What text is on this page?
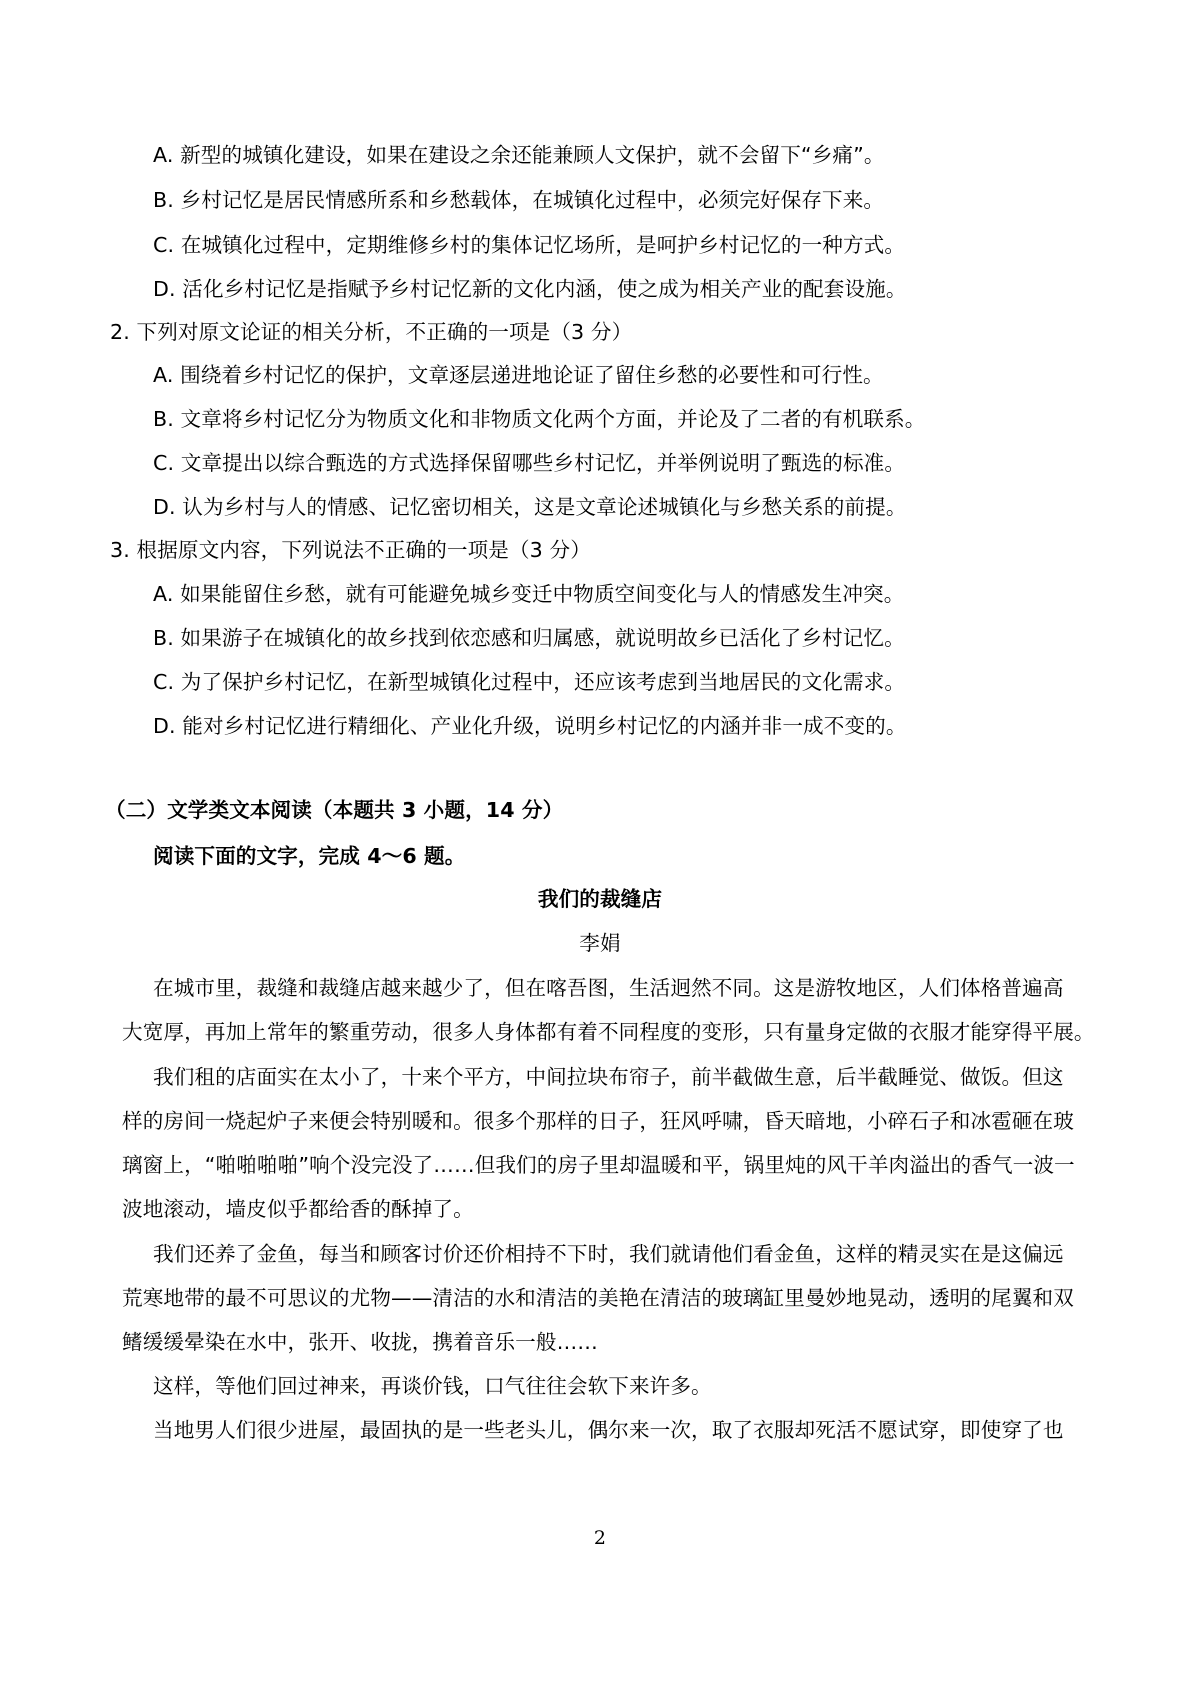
A. 新型的城镇化建设，如果在建设之余还能兼顾人文保护，就不会留下“乡痛”。
B. 乡村记忆是居民情感所系和乡愁载体，在城镇化过程中，必须完好保存下来。
C. 在城镇化过程中，定期维修乡村的集体记忆场所，是呵护乡村记忆的一种方式。
D. 活化乡村记忆是指赋予乡村记忆新的文化内涵，使之成为相关产业的配套设施。
2. 下列对原文论证的相关分析，不正确的一项是（3 分）
A. 围绕着乡村记忆的保护，文章逐层递进地论证了留住乡愁的必要性和可行性。
B. 文章将乡村记忆分为物质文化和非物质文化两个方面，并论及了二者的有机联系。
C. 文章提出以综合甄选的方式选择保留哪些乡村记忆，并举例说明了甄选的标准。
D. 认为乡村与人的情感、记忆密切相关，这是文章论述城镇化与乡愁关系的前提。
3. 根据原文内容，下列说法不正确的一项是（3 分）
A. 如果能留住乡愁，就有可能避免城乡变迁中物质空间变化与人的情感发生冲突。
B. 如果游子在城镇化的故乡找到依恋感和归属感，就说明故乡已活化了乡村记忆。
C. 为了保护乡村记忆，在新型城镇化过程中，还应该考虑到当地居民的文化需求。
D. 能对乡村记忆进行精细化、产业化升级，说明乡村记忆的内涵并非一成不变的。
（二）文学类文本阅读（本题共 3 小题，14 分）
阅读下面的文字，完成 4～6 题。
我们的裁缝店
李娟
在城市里，裁缝和裁缝店越来越少了，但在喀吾图，生活迥然不同。这是游牧地区，人们体格普遍高
大宽厚，再加上常年的繁重劳动，很多人身体都有着不同程度的变形，只有量身定做的衣服才能穿得平展。
我们租的店面实在太小了，十来个平方，中间拉块布帘子，前半截做生意，后半截睡觉、做饭。但这
样的房间一烧起炉子来便会特别暖和。很多个那样的日子，狂风呼啸，昏天暗地，小碎石子和冰雹砸在玻
璃窗上，“啪啪啪啪”响个没完没了……但我们的房子里却温暖和平，锅里炖的风干羊肉溢出的香气一波一
波地滚动，墙皮似乎都给香的酥掉了。
我们还养了金鱼，每当和顾客讨价还价相持不下时，我们就请他们看金鱼，这样的精灵实在是这偏远
荒寒地带的最不可思议的尤物——清洁的水和清洁的美艳在清洁的玻璃缸里曼妙地晃动，透明的尾翼和双
鳍缓缓晕染在水中，张开、收拢，携着音乐一般……
这样，等他们回过神来，再谈价钱，口气往往会软下来许多。
当地男人们很少进屋，最固执的是一些老头儿，偶尔来一次，取了衣服却死活不愿试穿，即使穿了也
2
